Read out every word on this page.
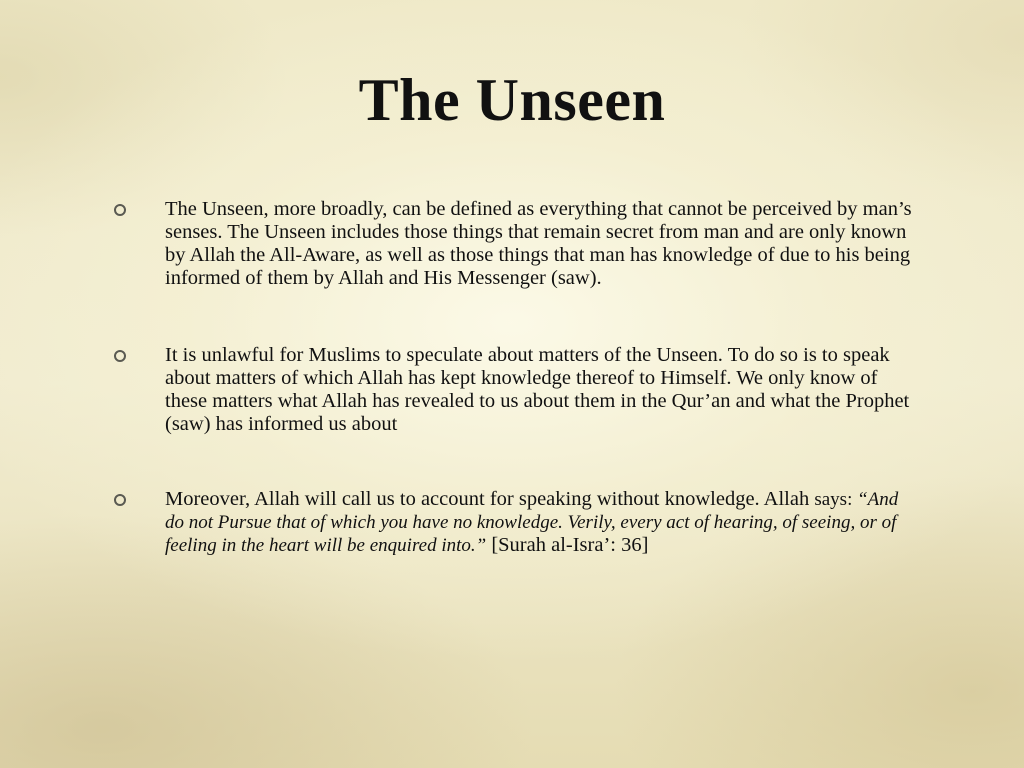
The Unseen
The Unseen, more broadly, can be defined as everything that cannot be perceived by man’s senses. The Unseen includes those things that remain secret from man and are only known by Allah the All-Aware, as well as those things that man has knowledge of due to his being informed of them by Allah and His Messenger (saw).
It is unlawful for Muslims to speculate about matters of the Unseen. To do so is to speak about matters of which Allah has kept knowledge thereof to Himself. We only know of these matters what Allah has revealed to us about them in the Qur’an and what the Prophet (saw) has informed us about
Moreover, Allah will call us to account for speaking without knowledge. Allah says: “And do not Pursue that of which you have no knowledge. Verily, every act of hearing, of seeing, or of feeling in the heart will be enquired into.” [Surah al-Isra’: 36]
